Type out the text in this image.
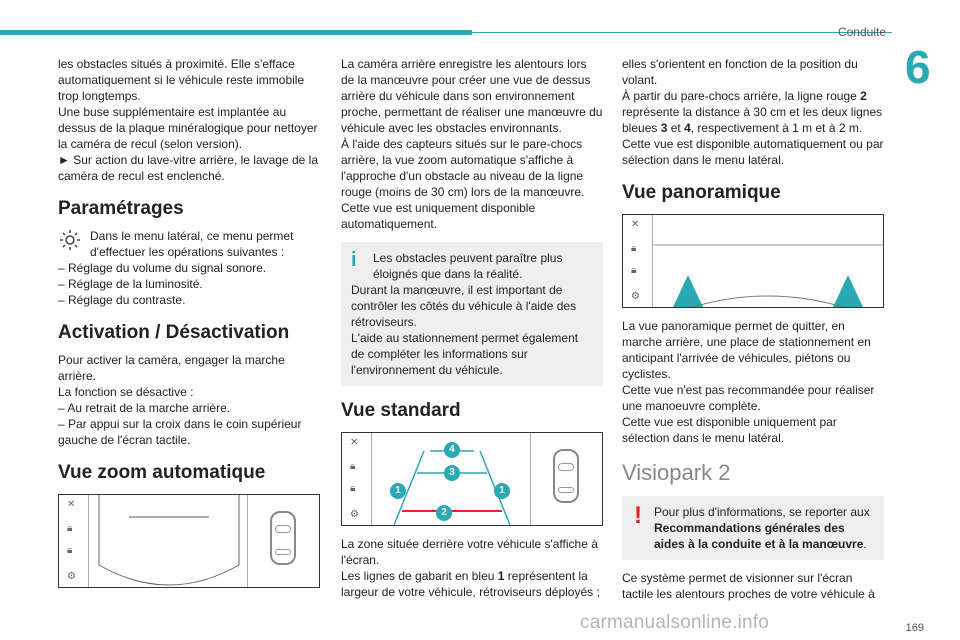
Conduite
6

les obstacles situés à proximité. Elle s'efface automatiquement si le véhicule reste immobile trop longtemps.

Une buse supplémentaire est implantée au dessus de la plaque minéralogique pour nettoyer la caméra de recul (selon version).

► Sur action du lave-vitre arrière, le lavage de la caméra de recul est enclenché.

Paramétrages

Dans le menu latéral, ce menu permet d'effectuer les opérations suivantes :

– Réglage du volume du signal sonore.

– Réglage de la luminosité.

– Réglage du contraste.

Activation / Désactivation

Pour activer la caméra, engager la marche arrière.

La fonction se désactive :

– Au retrait de la marche arrière.

– Par appui sur la croix dans le coin supérieur gauche de l'écran tactile.

Vue zoom automatique
✕
🔒︎
🔒︎
⚙

La caméra arrière enregistre les alentours lors de la manœuvre pour créer une vue de dessus arrière du véhicule dans son environnement proche, permettant de réaliser une manœuvre du véhicule avec les obstacles environnants.

À l'aide des capteurs situés sur le pare-chocs arrière, la vue zoom automatique s'affiche à l'approche d'un obstacle au niveau de la ligne rouge (moins de 30 cm) lors de la manœuvre.

Cette vue est uniquement disponible automatiquement.

i	Les obstacles peuvent paraître plus éloignés que dans la réalité.

Durant la manœuvre, il est important de contrôler les côtés du véhicule à l'aide des rétroviseurs.

L'aide au stationnement permet également de compléter les informations sur l'environnement du véhicule.

Vue standard
✕
🔒︎
🔒︎
⚙
4
3
1	1
2

La zone située derrière votre véhicule s'affiche à l'écran.

Les lignes de gabarit en bleu 1 représentent la largeur de votre véhicule, rétroviseurs déployés ;

elles s'orientent en fonction de la position du volant.

À partir du pare-chocs arrière, la ligne rouge 2 représente la distance à 30 cm et les deux lignes bleues 3 et 4, respectivement à 1 m et à 2 m.

Cette vue est disponible automatiquement ou par sélection dans le menu latéral.

Vue panoramique
✕
🔒︎
🔒︎
⚙

La vue panoramique permet de quitter, en marche arrière, une place de stationnement en anticipant l'arrivée de véhicules, piétons ou cyclistes.

Cette vue n'est pas recommandée pour réaliser une manoeuvre complète.

Cette vue est disponible uniquement par sélection dans le menu latéral.

Visiopark 2
!	Pour plus d'informations, se reporter aux Recommandations générales des aides à la conduite et à la manœuvre.

Ce système permet de visionner sur l'écran tactile les alentours proches de votre véhicule à

carmanualsonline.info	169
